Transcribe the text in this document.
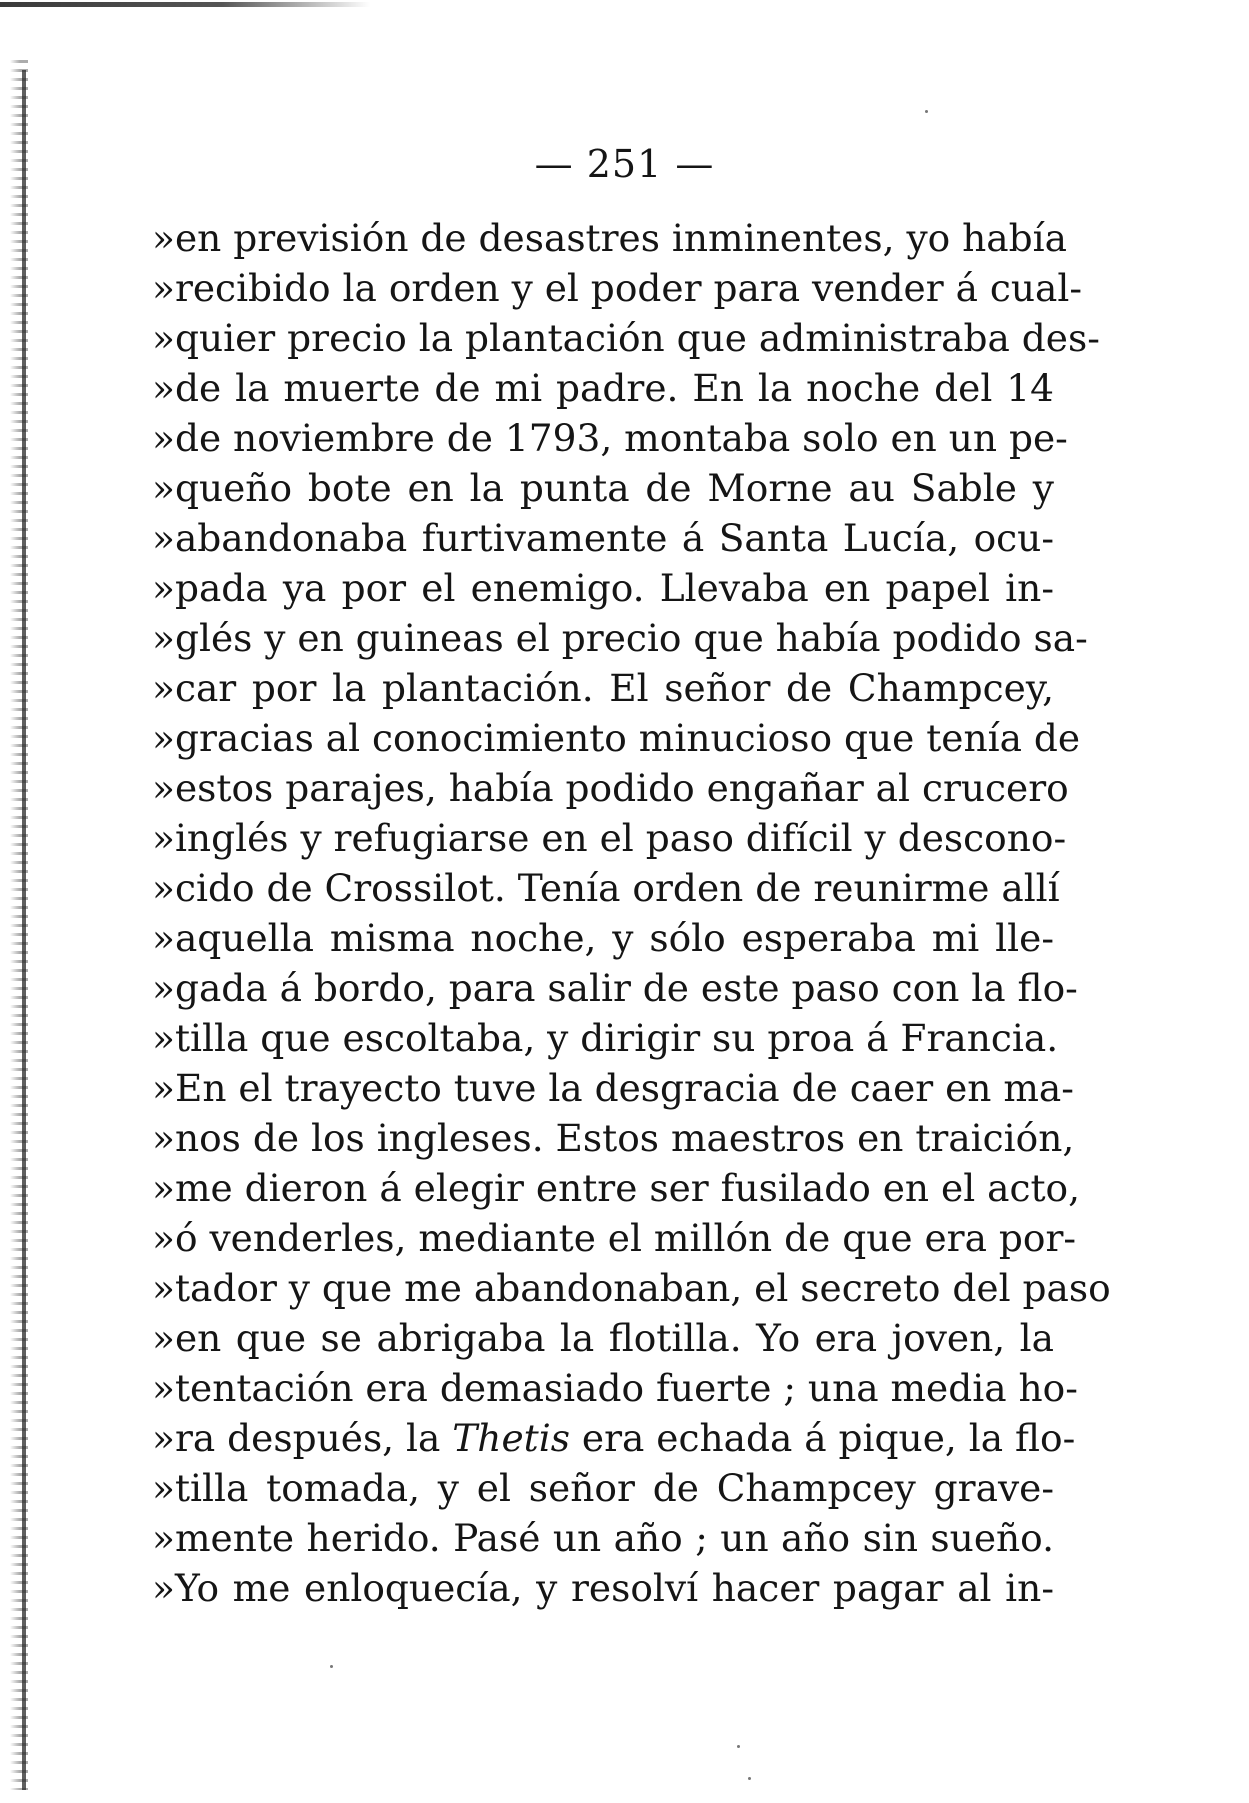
— 251 —
»en previsión de desastres inminentes, yo había
»recibido la orden y el poder para vender á cual-
»quier precio la plantación que administraba des-
»de la muerte de mi padre. En la noche del 14
»de noviembre de 1793, montaba solo en un pe-
»queño bote en la punta de Morne au Sable y
»abandonaba furtivamente á Santa Lucía, ocu-
»pada ya por el enemigo. Llevaba en papel in-
»glés y en guineas el precio que había podido sa-
»car por la plantación. El señor de Champcey,
»gracias al conocimiento minucioso que tenía de
»estos parajes, había podido engañar al crucero
»inglés y refugiarse en el paso difícil y descono-
»cido de Crossilot. Tenía orden de reunirme allí
»aquella misma noche, y sólo esperaba mi lle-
»gada á bordo, para salir de este paso con la flo-
»tilla que escoltaba, y dirigir su proa á Francia.
»En el trayecto tuve la desgracia de caer en ma-
»nos de los ingleses. Estos maestros en traición,
»me dieron á elegir entre ser fusilado en el acto,
»ó venderles, mediante el millón de que era por-
»tador y que me abandonaban, el secreto del paso
»en que se abrigaba la flotilla. Yo era joven, la
»tentación era demasiado fuerte ; una media ho-
»ra después, la Thetis era echada á pique, la flo-
»tilla tomada, y el señor de Champcey grave-
»mente herido. Pasé un año ; un año sin sueño.
»Yo me enloquecía, y resolví hacer pagar al in-
